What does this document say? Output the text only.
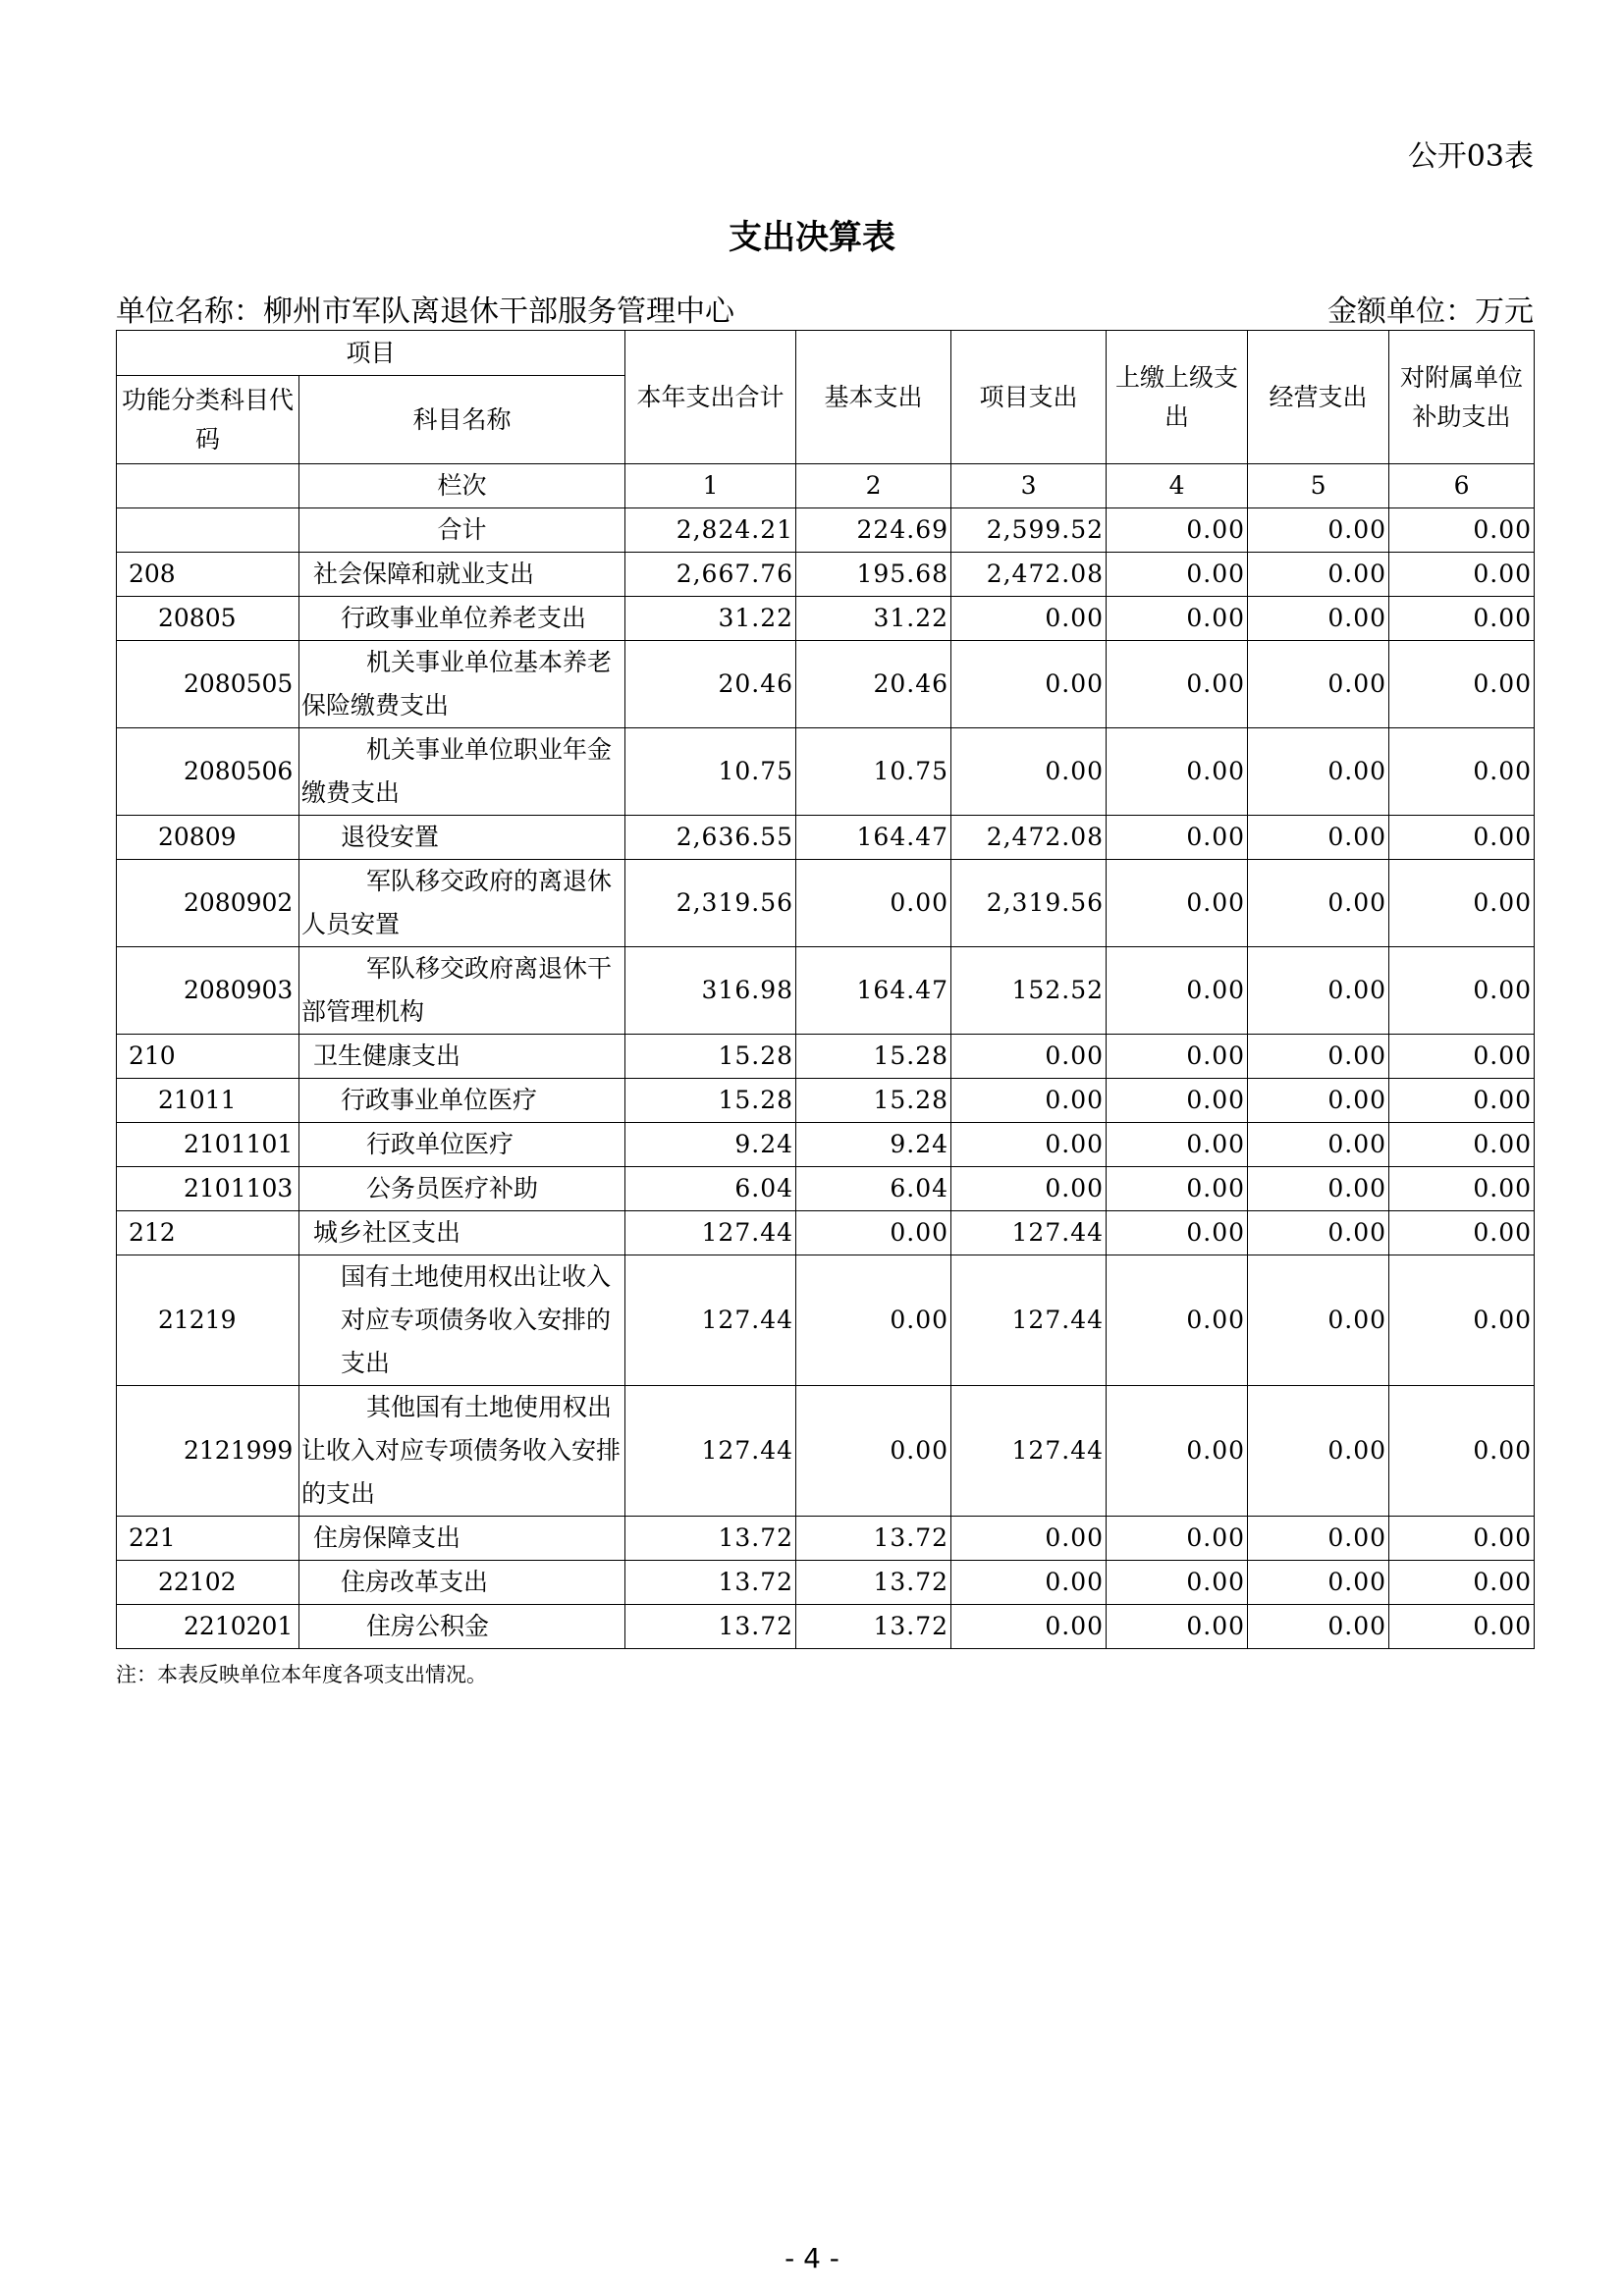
公开03表
支出决算表
单位名称：柳州市军队离退休干部服务管理中心	金额单位：万元
项目		本年支出合计	基本支出	项目支出	上缴上级支出	经营支出	对附属单位补助支出
功能分类科目代码	科目名称						
	栏次	1	2	3	4	5	6
	合计	2,824.21	224.69	2,599.52	0.00	0.00	0.00
208	社会保障和就业支出	2,667.76	195.68	2,472.08	0.00	0.00	0.00
20805	行政事业单位养老支出	31.22	31.22	0.00	0.00	0.00	0.00
2080505	机关事业单位基本养老保险缴费支出	20.46	20.46	0.00	0.00	0.00	0.00
2080506	机关事业单位职业年金缴费支出	10.75	10.75	0.00	0.00	0.00	0.00
20809	退役安置	2,636.55	164.47	2,472.08	0.00	0.00	0.00
2080902	军队移交政府的离退休人员安置	2,319.56	0.00	2,319.56	0.00	0.00	0.00
2080903	军队移交政府离退休干部管理机构	316.98	164.47	152.52	0.00	0.00	0.00
210	卫生健康支出	15.28	15.28	0.00	0.00	0.00	0.00
21011	行政事业单位医疗	15.28	15.28	0.00	0.00	0.00	0.00
2101101	行政单位医疗	9.24	9.24	0.00	0.00	0.00	0.00
2101103	公务员医疗补助	6.04	6.04	0.00	0.00	0.00	0.00
212	城乡社区支出	127.44	0.00	127.44	0.00	0.00	0.00
21219	国有土地使用权出让收入对应专项债务收入安排的支出	127.44	0.00	127.44	0.00	0.00	0.00
2121999	其他国有土地使用权出让收入对应专项债务收入安排的支出	127.44	0.00	127.44	0.00	0.00	0.00
221	住房保障支出	13.72	13.72	0.00	0.00	0.00	0.00
22102	住房改革支出	13.72	13.72	0.00	0.00	0.00	0.00
2210201	住房公积金	13.72	13.72	0.00	0.00	0.00	0.00
注：本表反映单位本年度各项支出情况。
- 4 -
